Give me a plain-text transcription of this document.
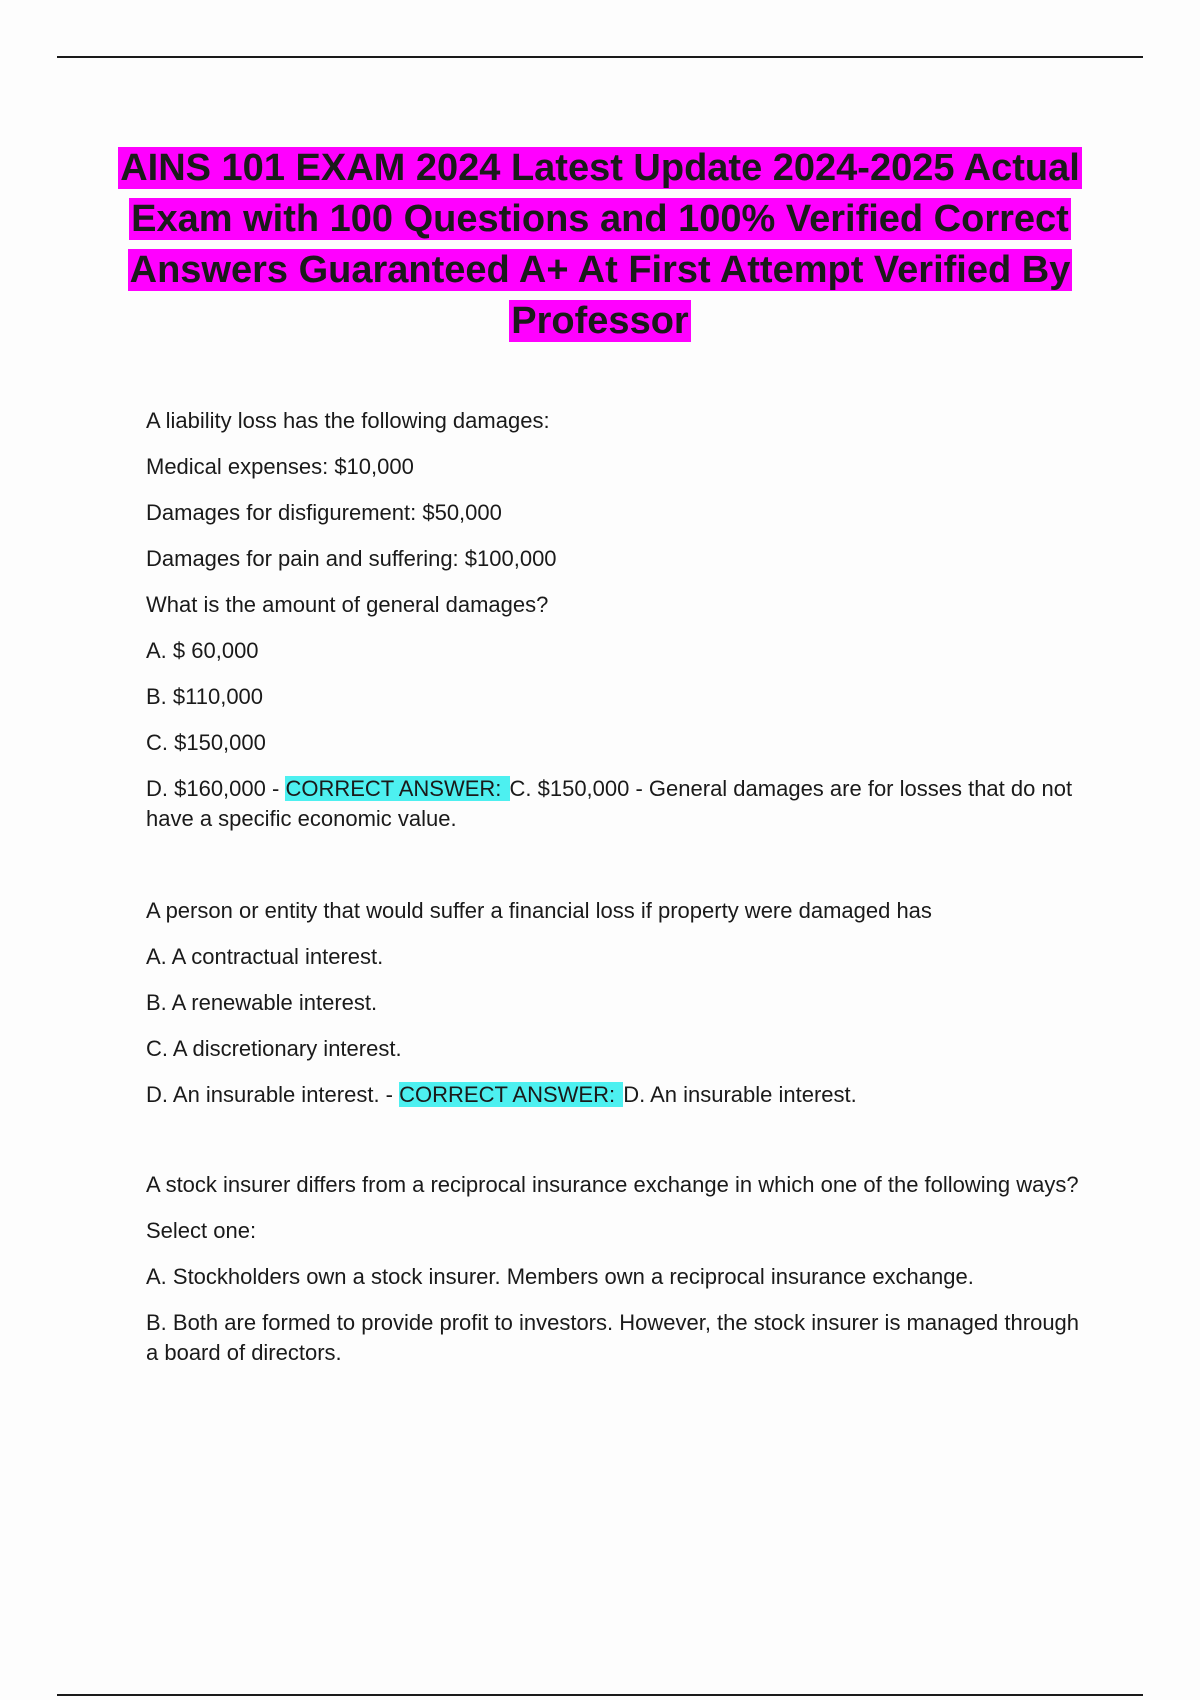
AINS 101 EXAM 2024 Latest Update 2024-2025 Actual Exam with 100 Questions and 100% Verified Correct Answers Guaranteed A+ At First Attempt Verified By Professor

A liability loss has the following damages:

Medical expenses: $10,000

Damages for disfigurement: $50,000

Damages for pain and suffering: $100,000

What is the amount of general damages?

A. $ 60,000

B. $110,000

C. $150,000

D. $160,000 - CORRECT ANSWER: C. $150,000 - General damages are for losses that do not have a specific economic value.

A person or entity that would suffer a financial loss if property were damaged has

A. A contractual interest.

B. A renewable interest.

C. A discretionary interest.

D. An insurable interest. - CORRECT ANSWER: D. An insurable interest.

A stock insurer differs from a reciprocal insurance exchange in which one of the following ways?

Select one:

A. Stockholders own a stock insurer. Members own a reciprocal insurance exchange.

B. Both are formed to provide profit to investors. However, the stock insurer is managed through a board of directors.
